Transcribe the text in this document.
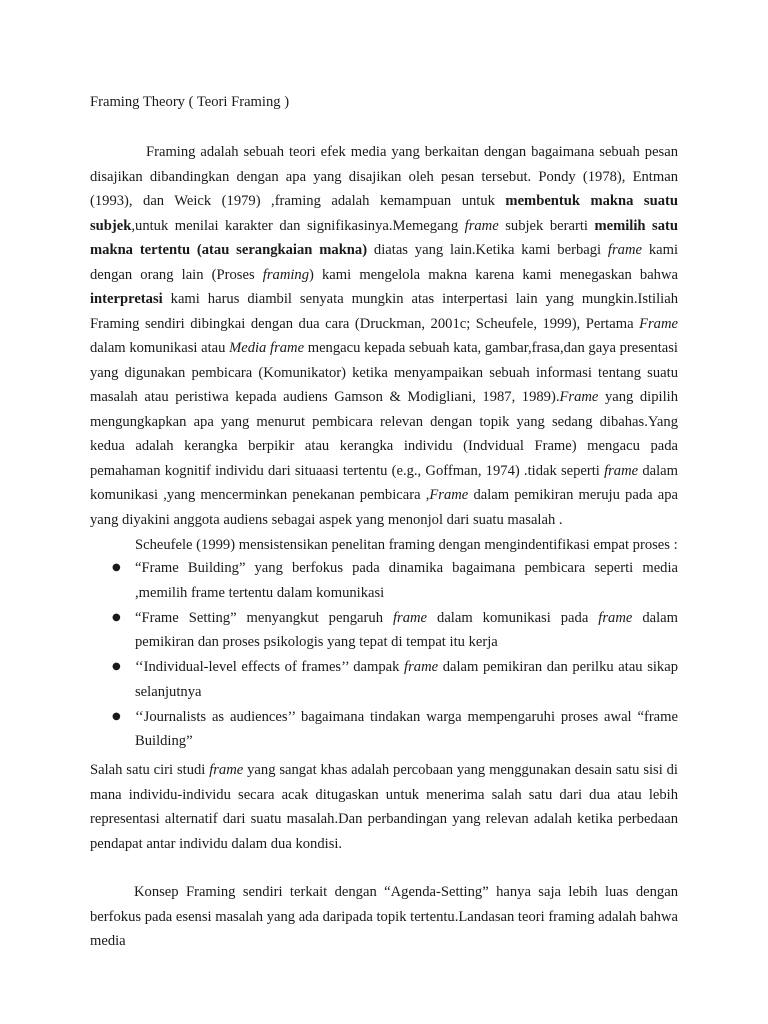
Framing Theory ( Teori Framing )
Framing adalah sebuah teori efek media yang berkaitan dengan bagaimana sebuah pesan disajikan dibandingkan dengan apa yang disajikan oleh pesan tersebut. Pondy (1978), Entman (1993), dan Weick (1979) ,framing adalah kemampuan untuk membentuk makna suatu subjek,untuk menilai karakter dan signifikasinya.Memegang frame subjek berarti memilih satu makna tertentu (atau serangkaian makna) diatas yang lain.Ketika kami berbagi frame kami dengan orang lain (Proses framing) kami mengelola makna karena kami menegaskan bahwa interpretasi kami harus diambil senyata mungkin atas interpertasi lain yang mungkin.Istiliah Framing sendiri dibingkai dengan dua cara (Druckman, 2001c; Scheufele, 1999), Pertama Frame dalam komunikasi atau Media frame mengacu kepada sebuah kata, gambar,frasa,dan gaya presentasi yang digunakan pembicara (Komunikator) ketika menyampaikan sebuah informasi tentang suatu masalah atau peristiwa kepada audiens Gamson & Modigliani, 1987, 1989).Frame yang dipilih mengungkapkan apa yang menurut pembicara relevan dengan topik yang sedang dibahas.Yang kedua adalah kerangka berpikir atau kerangka individu (Indvidual Frame) mengacu pada pemahaman kognitif individu dari situaasi tertentu (e.g., Goffman, 1974) .tidak seperti frame dalam komunikasi ,yang mencerminkan penekanan pembicara ,Frame dalam pemikiran meruju pada apa yang diyakini anggota audiens sebagai aspek yang menonjol dari suatu masalah .
Scheufele (1999) mensistensikan penelitan framing dengan mengindentifikasi empat proses :
● “Frame Building” yang berfokus pada dinamika bagaimana pembicara seperti media ,memilih frame tertentu dalam komunikasi
● “Frame Setting” menyangkut pengaruh frame dalam komunikasi pada frame dalam pemikiran dan proses psikologis yang tepat di tempat itu kerja
● ‘‘Individual-level effects of frames’’ dampak frame dalam pemikiran dan perilku atau sikap selanjutnya
● ‘‘Journalists as audiences’’ bagaimana tindakan warga mempengaruhi proses awal “frame Building”
Salah satu ciri studi frame yang sangat khas adalah percobaan yang menggunakan desain satu sisi di mana individu-individu secara acak ditugaskan untuk menerima salah satu dari dua atau lebih representasi alternatif dari suatu masalah.Dan perbandingan yang relevan adalah ketika perbedaan pendapat antar individu dalam dua kondisi.
Konsep Framing sendiri terkait dengan “Agenda-Setting” hanya saja lebih luas dengan berfokus pada esensi masalah yang ada daripada topik tertentu.Landasan teori framing adalah bahwa media
